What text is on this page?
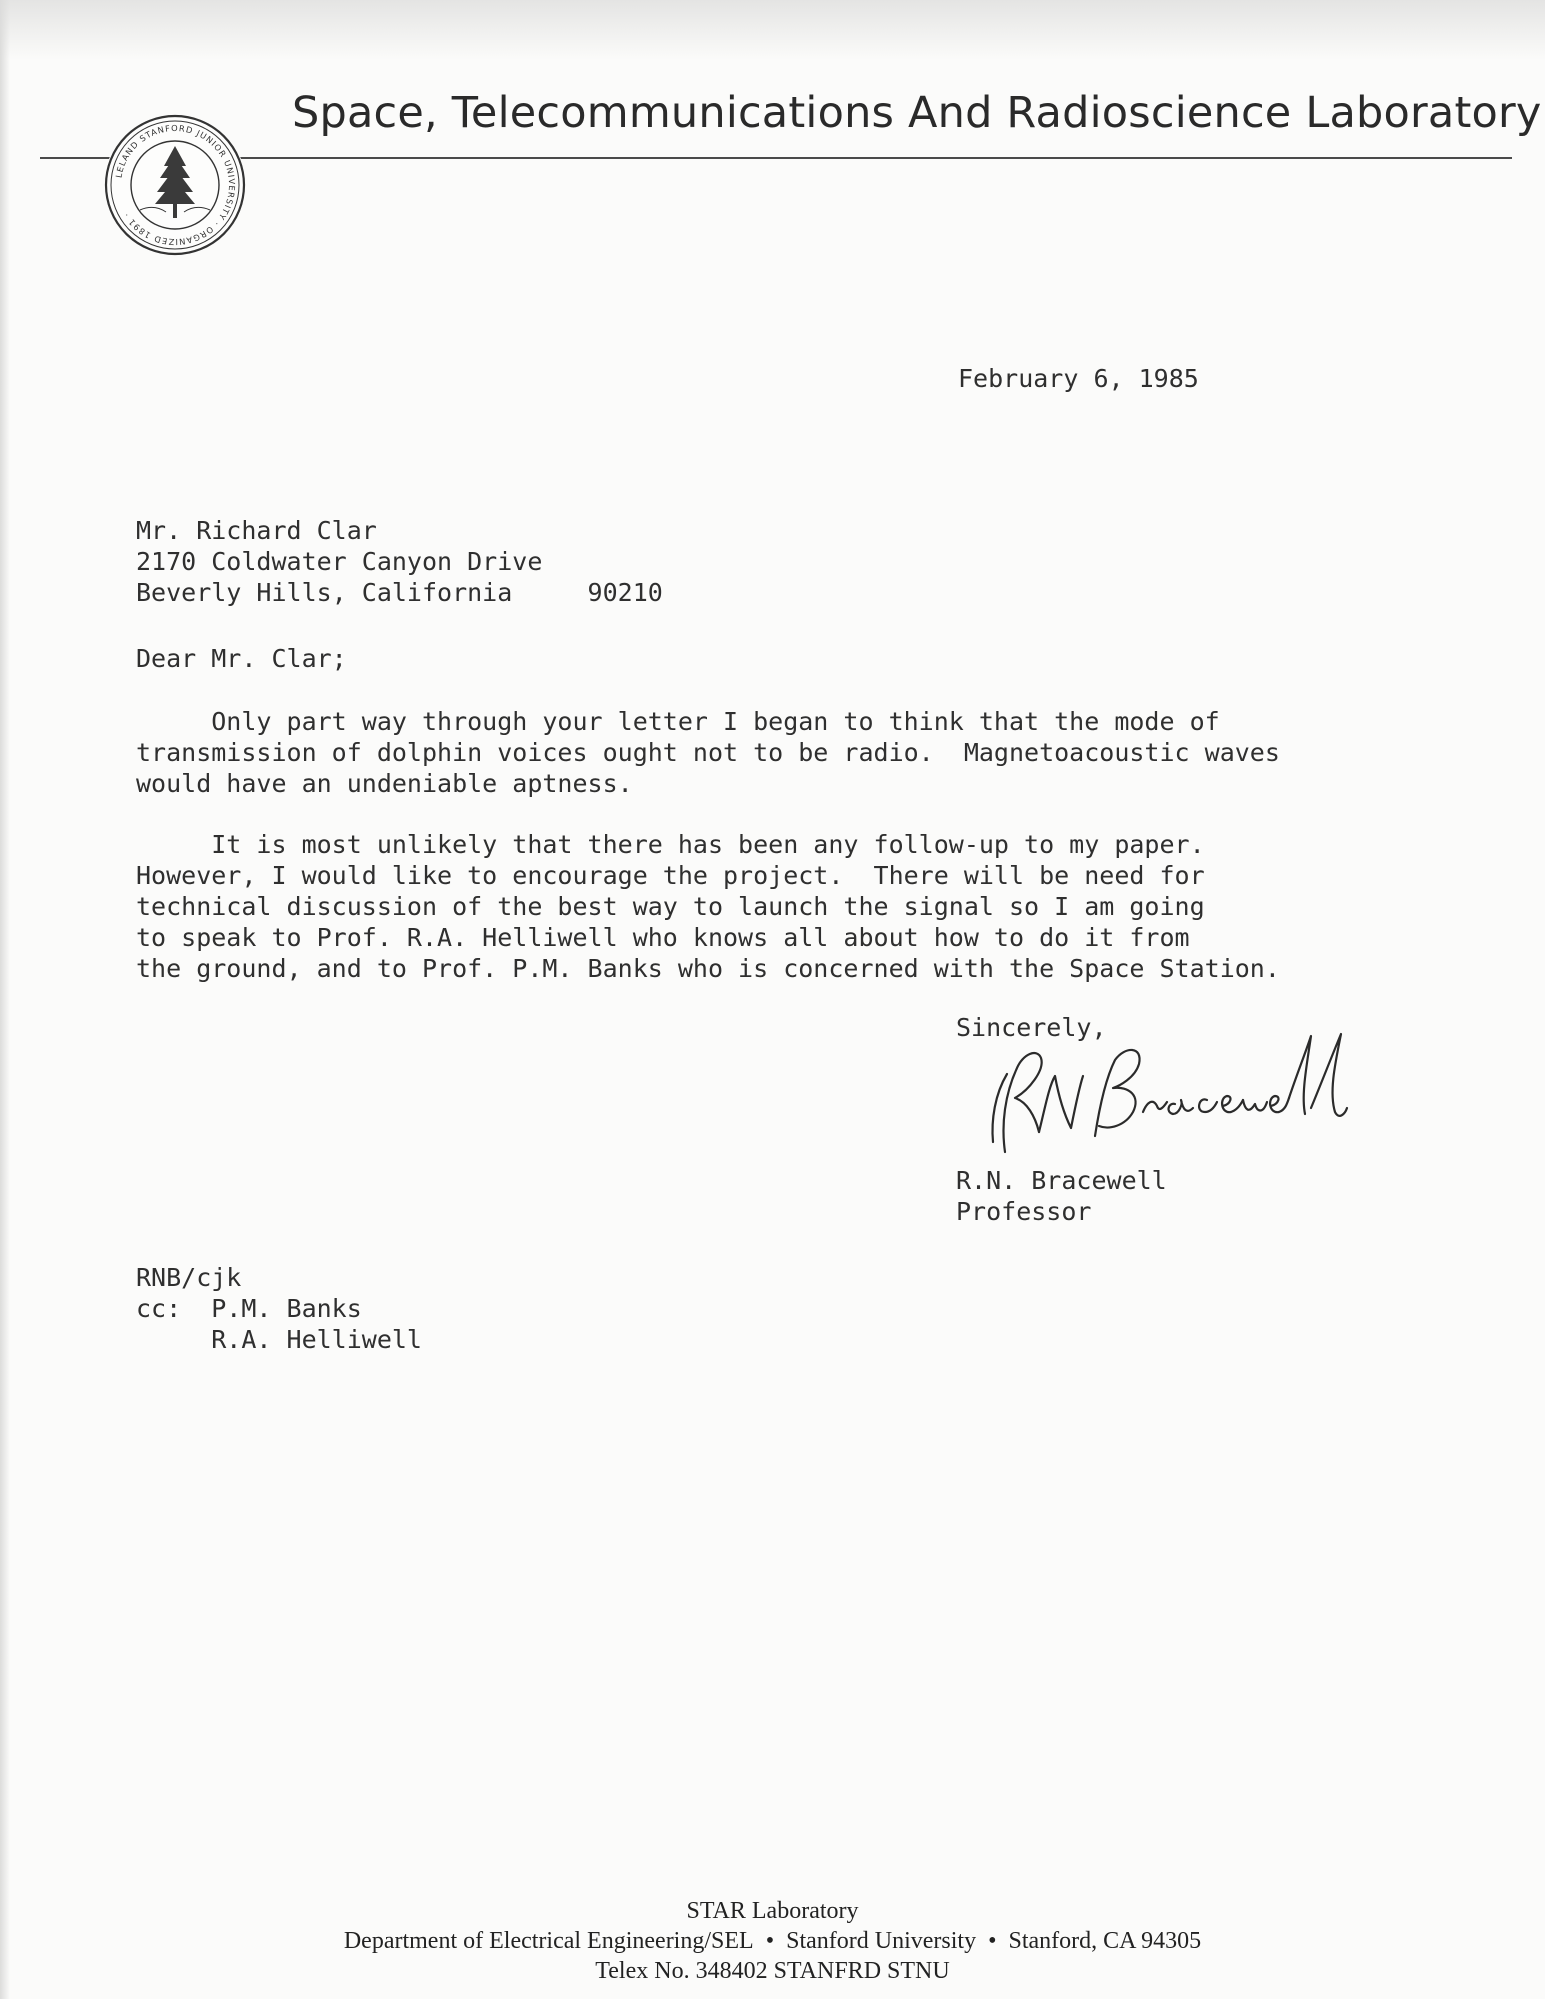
Space, Telecommunications And Radioscience Laboratory
LELAND STANFORD JUNIOR UNIVERSITY · ORGANIZED 1891 ·
February 6, 1985
Mr. Richard Clar
2170 Coldwater Canyon Drive
Beverly Hills, California     90210
Dear Mr. Clar;
Only part way through your letter I began to think that the mode of
transmission of dolphin voices ought not to be radio.  Magnetoacoustic waves
would have an undeniable aptness.
It is most unlikely that there has been any follow-up to my paper.
However, I would like to encourage the project.  There will be need for
technical discussion of the best way to launch the signal so I am going
to speak to Prof. R.A. Helliwell who knows all about how to do it from
the ground, and to Prof. P.M. Banks who is concerned with the Space Station.
Sincerely,
R.N. Bracewell
Professor
RNB/cjk
cc:  P.M. Banks
R.A. Helliwell
STAR Laboratory
Department of Electrical Engineering/SEL • Stanford University • Stanford, CA 94305
Telex No. 348402 STANFRD STNU
